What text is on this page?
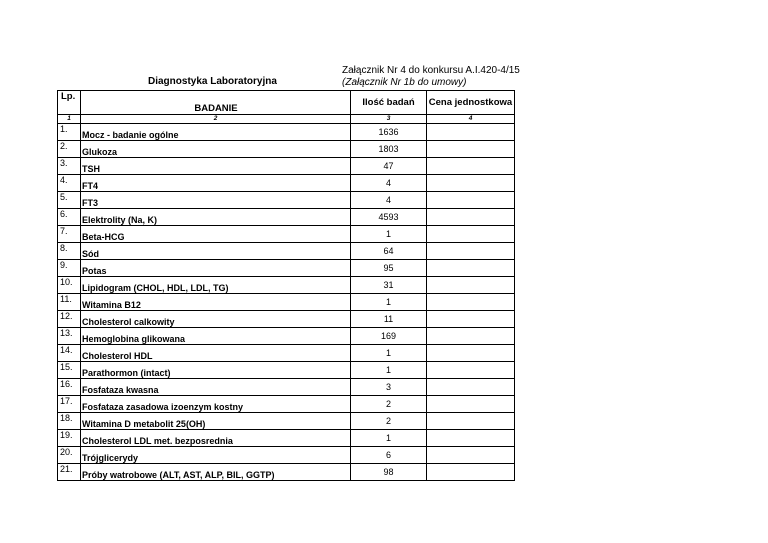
Diagnostyka Laboratoryjna
Załącznik Nr 4 do konkursu A.I.420-4/15
(Załącznik Nr 1b do umowy)
Lp.	BADANIE	Ilość badań	Cena jednostkowa
1	2	3	4
1.	Mocz - badanie ogólne	1636	
2.	Glukoza	1803	
3.	TSH	47	
4.	FT4	4	
5.	FT3	4	
6.	Elektrolity (Na, K)	4593	
7.	Beta-HCG	1	
8.	Sód	64	
9.	Potas	95	
10.	Lipidogram (CHOL, HDL, LDL, TG)	31	
11.	Witamina B12	1	
12.	Cholesterol calkowity	11	
13.	Hemoglobina glikowana	169	
14.	Cholesterol HDL	1	
15.	Parathormon (intact)	1	
16.	Fosfataza kwasna	3	
17.	Fosfataza zasadowa izoenzym kostny	2	
18.	Witamina D metabolit 25(OH)	2	
19.	Cholesterol LDL met. bezposrednia	1	
20.	Trójglicerydy	6	
21.	Próby watrobowe (ALT, AST, ALP, BIL, GGTP)	98	
